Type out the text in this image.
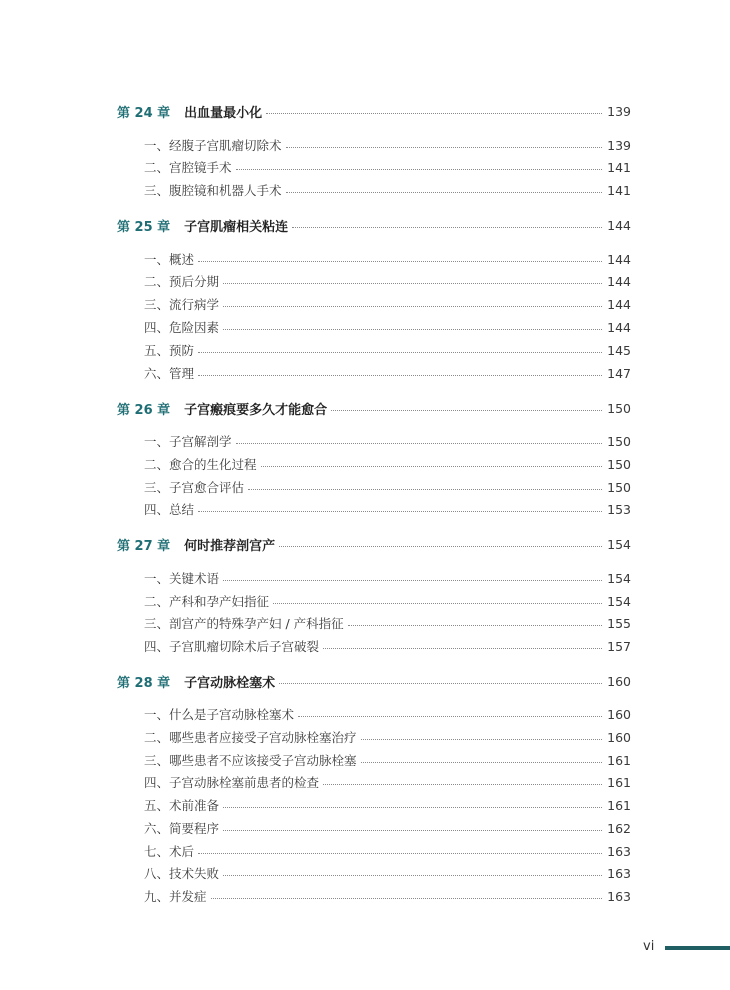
第 24 章 出血量最小化	139
一、经腹子宫肌瘤切除术	139
二、宫腔镜手术	141
三、腹腔镜和机器人手术	141
第 25 章 子宫肌瘤相关粘连	144
一、概述	144
二、预后分期	144
三、流行病学	144
四、危险因素	144
五、预防	145
六、管理	147
第 26 章 子宫瘢痕要多久才能愈合	150
一、子宫解剖学	150
二、愈合的生化过程	150
三、子宫愈合评估	150
四、总结	153
第 27 章 何时推荐剖宫产	154
一、关键术语	154
二、产科和孕产妇指征	154
三、剖宫产的特殊孕产妇 / 产科指征	155
四、子宫肌瘤切除术后子宫破裂	157
第 28 章 子宫动脉栓塞术	160
一、什么是子宫动脉栓塞术	160
二、哪些患者应接受子宫动脉栓塞治疗	160
三、哪些患者不应该接受子宫动脉栓塞	161
四、子宫动脉栓塞前患者的检查	161
五、术前准备	161
六、简要程序	162
七、术后	163
八、技术失败	163
九、并发症	163
vi
